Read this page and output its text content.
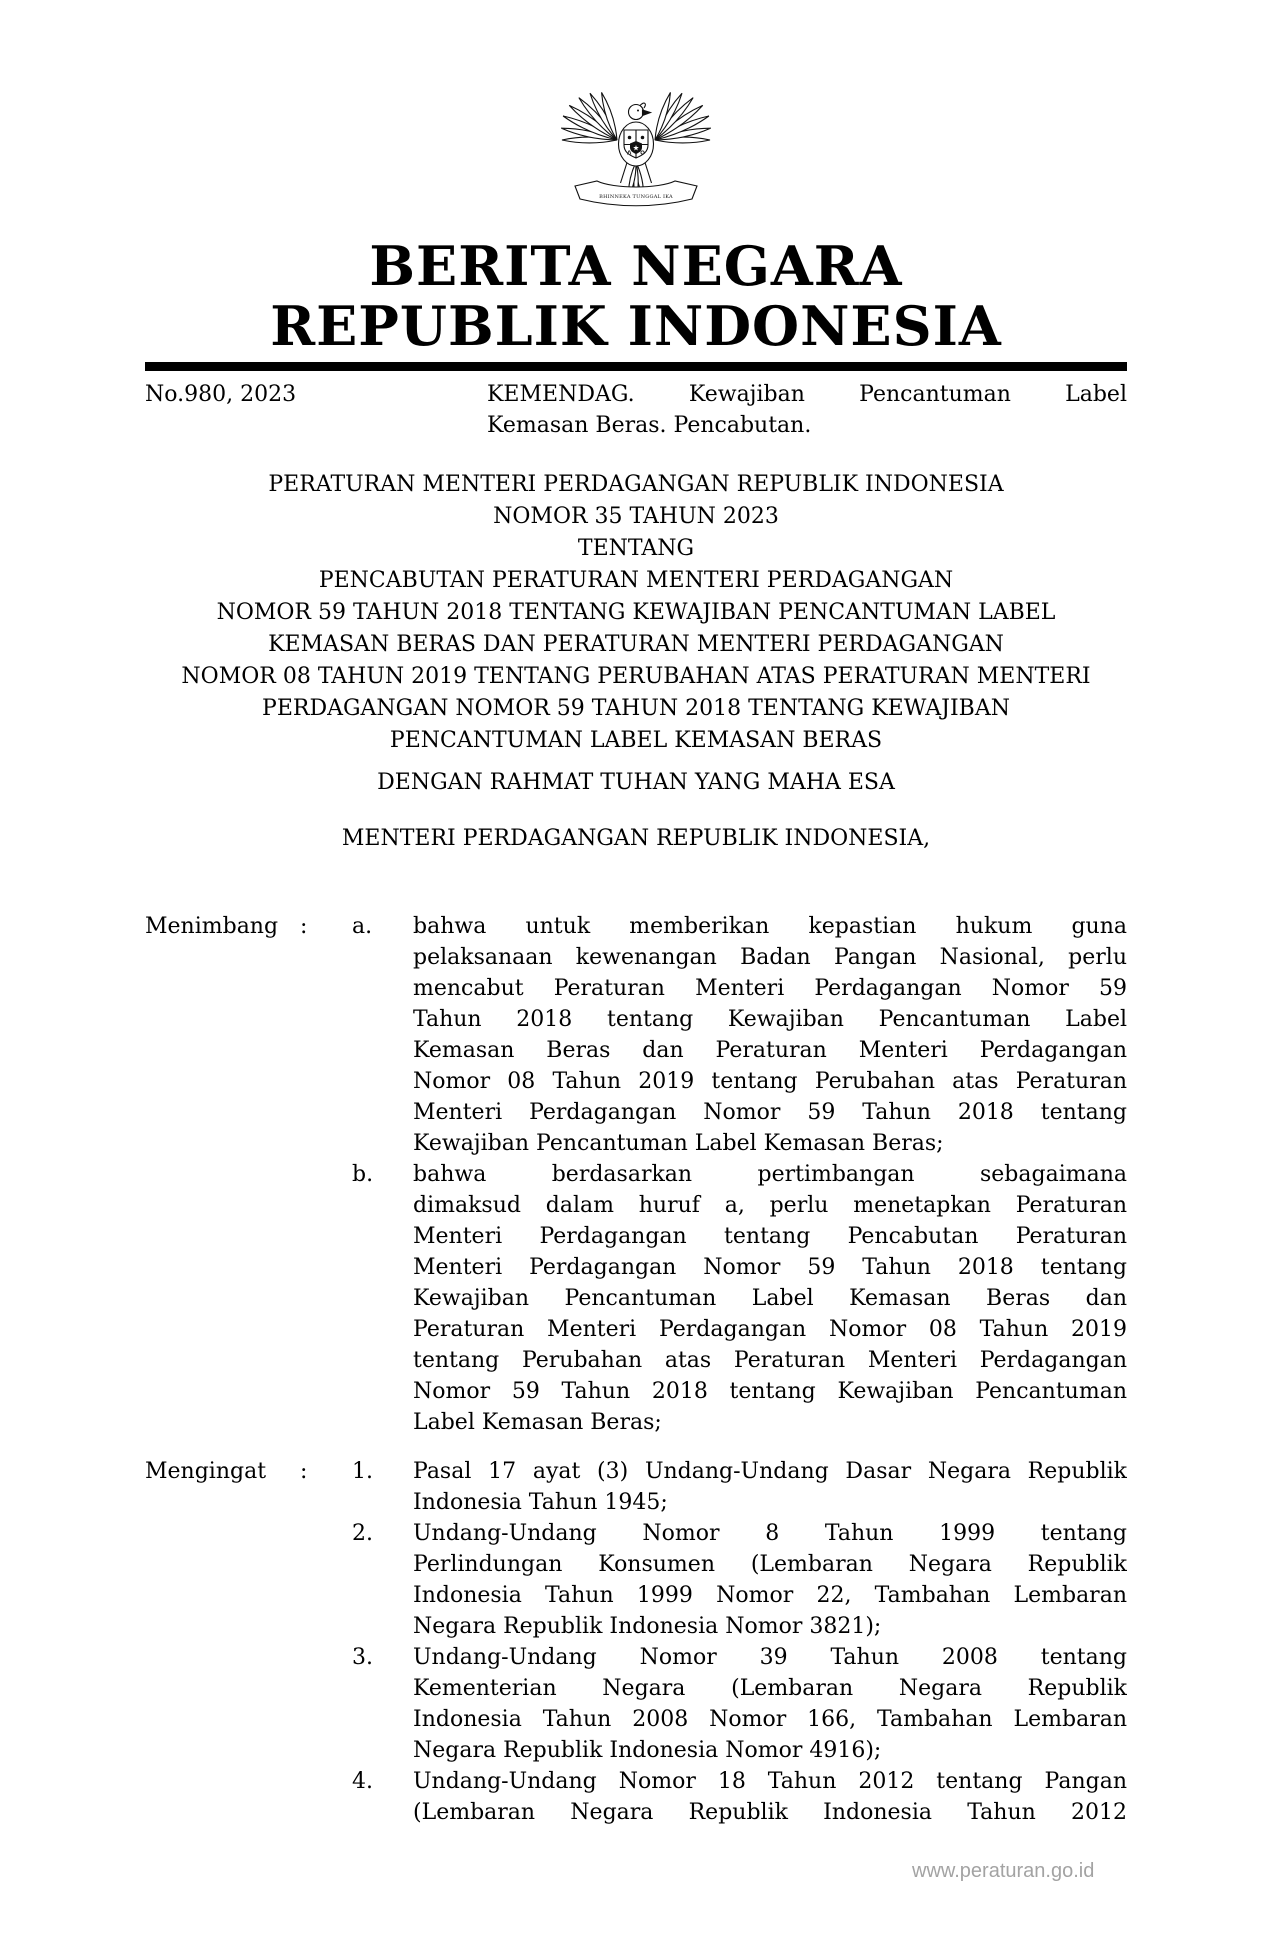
BHINNEKA TUNGGAL IKA
BERITA NEGARA
REPUBLIK INDONESIA
No.980, 2023	KEMENDAG. Kewajiban Pencantuman Label
Kemasan Beras. Pencabutan.
PERATURAN MENTERI PERDAGANGAN REPUBLIK INDONESIA
NOMOR 35 TAHUN 2023
TENTANG
PENCABUTAN PERATURAN MENTERI PERDAGANGAN
NOMOR 59 TAHUN 2018 TENTANG KEWAJIBAN PENCANTUMAN LABEL
KEMASAN BERAS DAN PERATURAN MENTERI PERDAGANGAN
NOMOR 08 TAHUN 2019 TENTANG PERUBAHAN ATAS PERATURAN MENTERI
PERDAGANGAN NOMOR 59 TAHUN 2018 TENTANG KEWAJIBAN
PENCANTUMAN LABEL KEMASAN BERAS
DENGAN RAHMAT TUHAN YANG MAHA ESA
MENTERI PERDAGANGAN REPUBLIK INDONESIA,
Menimbang :	a.	bahwa untuk memberikan kepastian hukum guna
pelaksanaan kewenangan Badan Pangan Nasional, perlu
mencabut Peraturan Menteri Perdagangan Nomor 59
Tahun 2018 tentang Kewajiban Pencantuman Label
Kemasan Beras dan Peraturan Menteri Perdagangan
Nomor 08 Tahun 2019 tentang Perubahan atas Peraturan
Menteri Perdagangan Nomor 59 Tahun 2018 tentang
Kewajiban Pencantuman Label Kemasan Beras;
b.	bahwa berdasarkan pertimbangan sebagaimana
dimaksud dalam huruf a, perlu menetapkan Peraturan
Menteri Perdagangan tentang Pencabutan Peraturan
Menteri Perdagangan Nomor 59 Tahun 2018 tentang
Kewajiban Pencantuman Label Kemasan Beras dan
Peraturan Menteri Perdagangan Nomor 08 Tahun 2019
tentang Perubahan atas Peraturan Menteri Perdagangan
Nomor 59 Tahun 2018 tentang Kewajiban Pencantuman
Label Kemasan Beras;
Mengingat	:	1.	Pasal 17 ayat (3) Undang-Undang Dasar Negara Republik
Indonesia Tahun 1945;
2.	Undang-Undang Nomor 8 Tahun 1999 tentang
Perlindungan Konsumen (Lembaran Negara Republik
Indonesia Tahun 1999 Nomor 22, Tambahan Lembaran
Negara Republik Indonesia Nomor 3821);
3.	Undang-Undang Nomor 39 Tahun 2008 tentang
Kementerian Negara (Lembaran Negara Republik
Indonesia Tahun 2008 Nomor 166, Tambahan Lembaran
Negara Republik Indonesia Nomor 4916);
4.	Undang-Undang Nomor 18 Tahun 2012 tentang Pangan
(Lembaran Negara Republik Indonesia Tahun 2012
www.peraturan.go.id
